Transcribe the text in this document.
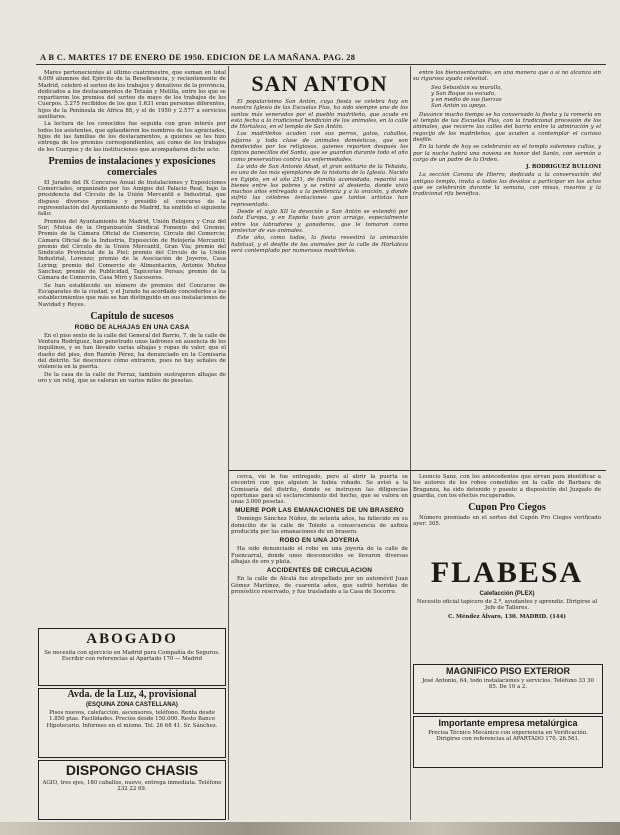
A B C. MARTES 17 DE ENERO DE 1950. EDICION DE LA MAÑANA. PAG. 28

Mares pertenecientes al último cuatrimestre, que suman en total 4.009 alumnos del Ejército de la Beneficencia, y recientemente de Madrid, celebró el sorteo de los trabajos y donativos de la provincia, dedicados a los destacamentos de Tetuán y Melilla, entre los que se repartieron los premios del sorteo de mayo de los trabajos de los Cuerpos. 3.275 recibidos de los que 1.631 eran personas diferentes, hijos de la Península de Africa 88, y el de 1950 y 2.577 a servicios auxiliares.

La lectura de los conocidos fue seguida con gran interés por todos los asistentes, que aplaudieron los nombres de los agraciados, hijos de las familias de los destacamentos, a quienes se les hizo entrega de los premios correspondientes, así como de los trabajos de los Cuerpos y de las instituciones que acompañaron dicho acto.

Premios de instalaciones y exposiciones comerciales

El Jurado del IX Concurso Anual de Instalaciones y Exposiciones Comerciales, organizado por los Amigos del Palacio Real, bajo la presidencia del Círculo de la Unión Mercantil e Industrial, que dispuso diversos premios y presidió el concurso de la representación del Ayuntamiento de Madrid, ha emitido el siguiente fallo:

Premios del Ayuntamiento de Madrid, Unión Relojera y Cruz del Sur; Mutua de la Organización Sindical Fomento del Gremio; Premio de la Cámara Oficial de Comercio, Círculo del Comercio; Cámara Oficial de la Industria, Exposición de Relojería Mercantil; premio del Círculo de la Unión Mercantil, Gran Vía; premio del Sindicato Provincial de la Piel; premio del Círculo de la Unión Industrial, Lorenzo; premio de la Asociación de Joyeros, Casa Loring; premio del Comercio de Alimentación, Antonio Muñoz Sánchez; premio de Publicidad, Tapicerías Persas; premio de la Cámara de Comercio, Casa Miró y Sucesores.

Se han establecido un número de premios del Concurso de Escaparates de la ciudad, y el Jurado ha acordado concederlos a los establecimientos que más se han distinguido en sus instalaciones de Navidad y Reyes.

Capítulo de sucesos
ROBO DE ALHAJAS EN UNA CASA

En el piso sexto de la calle del General del Barrio, 7, de la calle de Ventura Rodríguez, han penetrado unos ladrones en ausencia de los inquilinos, y se han llevado varias alhajas y ropas de valor, que el dueño del piso, don Ramón Pérez, ha denunciado en la Comisaría del distrito. Se desconoce cómo entraron, pues no hay señales de violencia en la puerta.

De la casa de la calle de Ferraz, también sustrajeron alhajas de oro y un reloj, que se valoran en varios miles de pesetas.

SAN ANTON

El popularísimo San Antón, cuya fiesta se celebra hoy en nuestra Iglesia de las Escuelas Pías, ha sido siempre uno de los santos más venerados por el pueblo madrileño, que acude en esta fecha a la tradicional bendición de los animales, en la calle de Hortaleza, en el templo de San Antón.

Los madrileños acuden con sus perros, gatos, caballos, pájaros y toda clase de animales domésticos, que son bendecidos por los religiosos, quienes reparten después los típicos panecillos del Santo, que se guardan durante todo el año como preservativo contra las enfermedades.

La vida de San Antonio Abad, el gran solitario de la Tebaida, es una de las más ejemplares de la historia de la Iglesia. Nacido en Egipto, en el año 251, de familia acomodada, repartió sus bienes entre los pobres y se retiró al desierto, donde vivió muchos años entregado a la penitencia y a la oración, y donde sufrió las célebres tentaciones que tantos artistas han representado.

Desde el siglo XII la devoción a San Antón se extendió por toda Europa, y en España tuvo gran arraigo, especialmente entre los labradores y ganaderos, que le tomaron como protector de sus animales.

Este año, como todos, la fiesta revestirá la animación habitual, y el desfile de los animales por la calle de Hortaleza será contemplado por numerosos madrileños.

entre los bienaventurados, en una manera que a sí no alcanza sin su rigurosa ayuda celestial.

Sea Sebastián su muralla,
y San Roque su escudo,
y en medio de sus fuerzas
San Antón su apoyo.

Duvance mucho tiempo se ha conservado la fiesta y la romería en el templo de las Escuelas Pías, con la tradicional procesión de los animales, que recorre las calles del barrio entre la admiración y el regocijo de los madrileños, que acuden a contemplar el curioso desfile.

En la tarde de hoy se celebrarán en el templo solemnes cultos, y por la noche habrá una novena en honor del Santo, con sermón a cargo de un padre de la Orden.

J. RODRIGUEZ BULLONI

La sección Corona de Hierro, dedicada a la conservación del antiguo templo, invita a todos los devotos a participar en los actos que se celebrarán durante la semana, con misas, rosarios y la tradicional rifa benéfica.

cerca, vio le fue entregado, pero al abrir la puerta se encontró con que alguien le había robado. Se avisó a la Comisaría del distrito, donde se instruyen las diligencias oportunas para el esclarecimiento del hecho, que se valora en unas 3.000 pesetas.

MUERE POR LAS EMANACIONES DE UN BRASERO

Domingo Sánchez Núñez, de setenta años, ha fallecido en su domicilio de la calle de Toledo a consecuencia de asfixia producida por las emanaciones de un brasero.

ROBO EN UNA JOYERIA

Ha sido denunciado el robo en una joyería de la calle de Fuencarral, donde unos desconocidos se llevaron diversas alhajas de oro y plata.

ACCIDENTES DE CIRCULACION

En la calle de Alcalá fue atropellado por un automóvil Juan Gómez Martínez, de cuarenta años, que sufrió heridas de pronóstico reservado, y fue trasladado a la Casa de Socorro.

Leoncio Sanz, con los antecedentes que sirvan para identificar a los autores de los robos cometidos en la calle de Barbara de Braganza, ha sido detenido y puesto a disposición del Juzgado de guardia, con los efectos recuperados.

Cupon Pro Ciegos

Número premiado en el sorteo del Cupón Pro Ciegos verificado ayer: 305.

ABOGADO
Se necesita con ejercicio en Madrid para Compañía de Seguros. Escribir con referencias al Apartado 170 — Madrid
Avda. de la Luz, 4, provisional
(ESQUINA ZONA CASTELLANA)
Pisos nuevos, calefacción, ascensores, teléfono. Renta desde 1.850 ptas. Facilidades. Precios desde 150.000. Resto Banco Hipotecario. Informes en el mismo. Tel. 26 68 41. Sr. Sánchez.
DISPONGO CHASIS
AGIO, tres ejes, 180 caballos, nuevo, entrega inmediata. Teléfono 232 22 69.
FLABESA
Calefacción (PLEX)
Necesito oficial tapicero de 2.ª, ayudantes y aprendiz. Dirigirse al Jefe de Talleres.
C. Méndez Álvaro, 130. MADRID. (144)
MAGNIFICO PISO EXTERIOR
José Antonio, 64, todo instalaciones y servicios. Teléfono 33 30 85. De 10 a 2.
Importante empresa metalúrgica
Precisa Técnico Mecánico con experiencia en Verificación. Dirigirse con referencias al APARTADO 170. 26.561.
